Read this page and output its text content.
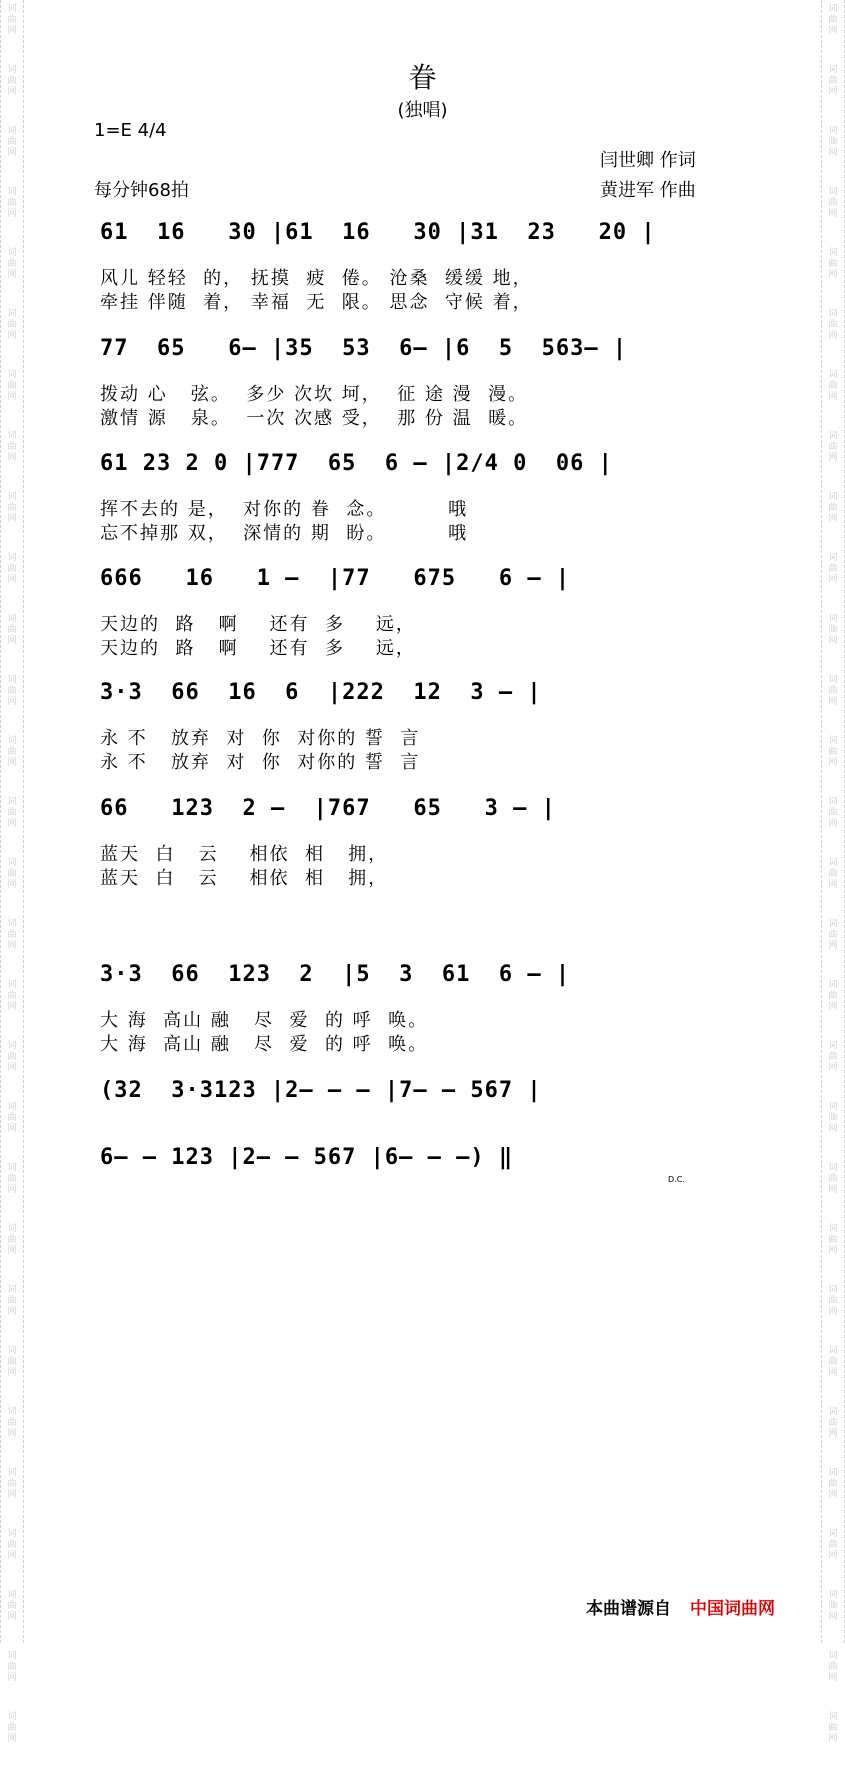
词
曲
网
词
曲
网
词
曲
网
词
曲
网
词
曲
网
词
曲
网
词
曲
网
词
曲
网
词
曲
网
词
曲
网
词
曲
网
词
曲
网
词
曲
网
词
曲
网
词
曲
网
词
曲
网
词
曲
网
词
曲
网
词
曲
网
词
曲
网
词
曲
网
词
曲
网
词
曲
网
词
曲
网
词
曲
网
词
曲
网
词
曲
网
词
曲
网
词
曲
网
词
曲
网
词
曲
网
词
曲
网
词
曲
网
词
曲
网
词
曲
网
词
曲
网
词
曲
网
词
曲
网
词
曲
网
词
曲
网
词
曲
网
词
曲
网
词
曲
网
词
曲
网
词
曲
网
词
曲
网
词
曲
网
词
曲
网
词
曲
网
词
曲
网
词
曲
网
词
曲
网
词
曲
网
词
曲
网
词
曲
网
词
曲
网
词
曲
网
词
曲
网
眷
(独唱)
1=E 4/4
每分钟68拍
闫世卿 作词
黄进军 作曲
61  16   30 |61  16   30 |31  23   20 |
风儿 轻轻  的， 抚摸  疲  倦。 沧桑  缓缓 地，
牵挂 伴随  着， 幸福  无  限。 思念  守候 着，
77  65   6— |35  53  6— |6  5  563— |
拨动 心   弦。  多少 次坎 坷，  征 途 漫  漫。
激情 源   泉。  一次 次感 受，  那 份 温  暖。
61 23 2 0 |777  65  6 — |2/4 0  06 |
挥不去的 是，  对你的 眷  念。        哦
忘不掉那 双，  深情的 期  盼。        哦
666   16   1 —  |77   675   6 — |
天边的  路   啊    还有  多    远，
天边的  路   啊    还有  多    远，
3·3  66  16  6  |222  12  3 — |
永 不   放弃  对  你  对你的 誓  言
永 不   放弃  对  你  对你的 誓  言
66   123  2 —  |767   65   3 — |
蓝天  白   云    相依  相   拥，
蓝天  白   云    相依  相   拥，
3·3  66  123  2  |5  3  61  6 — |
大 海  高山 融   尽  爱  的 呼  唤。
大 海  高山 融   尽  爱  的 呼  唤。
(32  3·3123 |2— — — |7— — 567 |
6— — 123 |2— — 567 |6— — —) ‖
D.C.
本曲谱源自 中国词曲网
